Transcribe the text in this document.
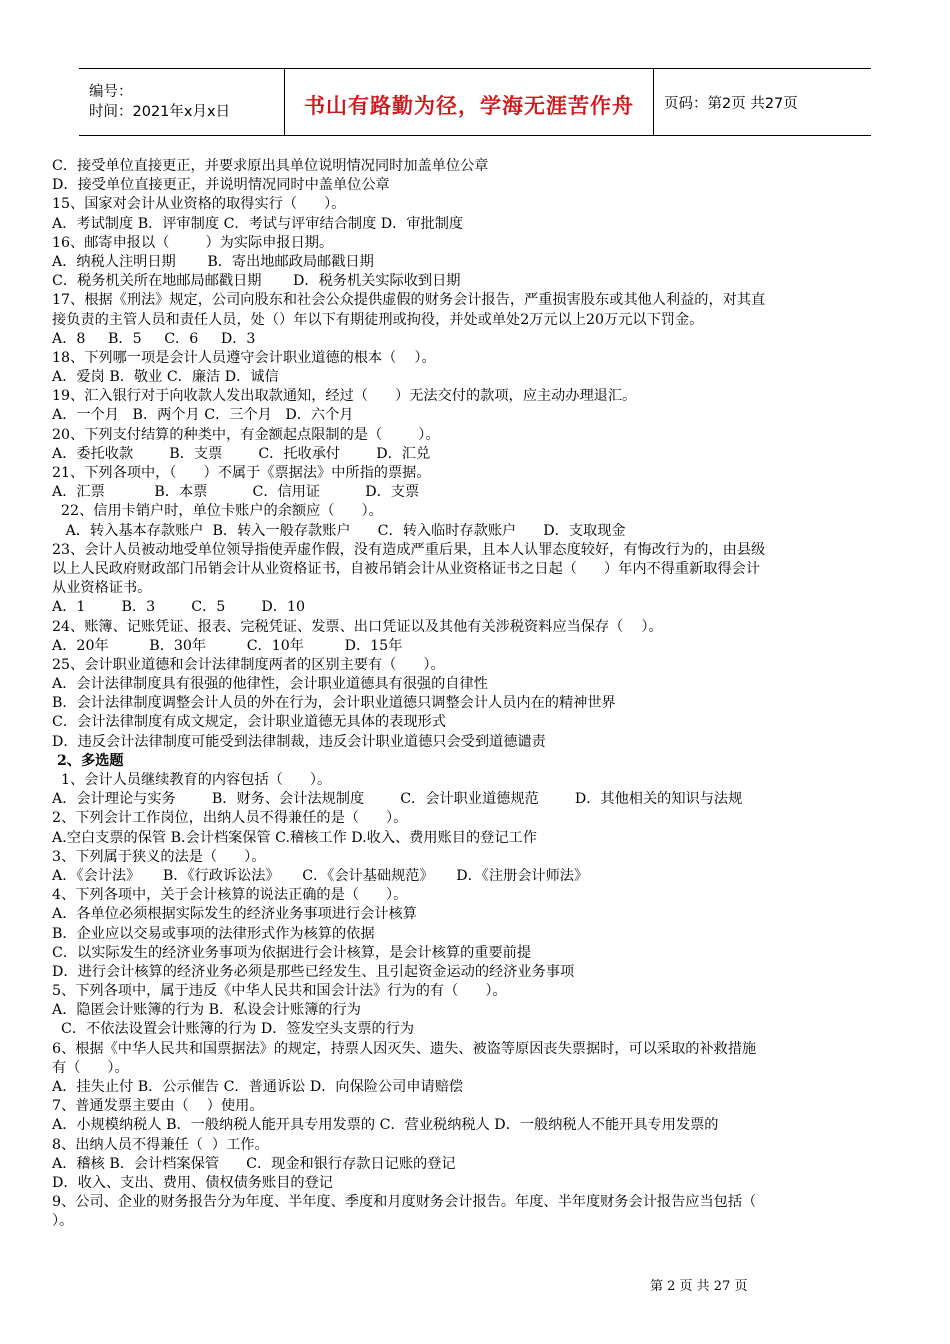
编号：
时间：2021年x月x日	书山有路勤为径，学海无涯苦作舟 页码：第2页 共27页
C．接受单位直接更正，并要求原出具单位说明情况同时加盖单位公章
D．接受单位直接更正，并说明情况同时中盖单位公章
15、国家对会计从业资格的取得实行（      ）。
A．考试制度 B．评审制度 C．考试与评审结合制度 D．审批制度
16、邮寄申报以（        ）为实际申报日期。
A．纳税人注明日期       B．寄出地邮政局邮戳日期
C．税务机关所在地邮局邮戳日期       D．税务机关实际收到日期
17、根据《刑法》规定，公司向股东和社会公众提供虚假的财务会计报告，严重损害股东或其他人利益的，对其直
接负责的主管人员和责任人员，处（）年以下有期徒刑或拘役，并处或单处2万元以上20万元以下罚金。
A．8     B．5     C．6     D．3
18、下列哪一项是会计人员遵守会计职业道德的根本（    ）。
A．爱岗 B．敬业 C．廉洁 D．诚信
19、汇入银行对于向收款人发出取款通知，经过（      ）无法交付的款项，应主动办理退汇。
A．一个月   B．两个月 C．三个月   D．六个月
20、下列支付结算的种类中，有金额起点限制的是（        ）。
A．委托收款        B．支票        C．托收承付        D．汇兑
21、下列各项中，（      ）不属于《票据法》中所指的票据。
A．汇票           B．本票          C．信用证          D．支票
22、信用卡销户时，单位卡账户的余额应（      ）。
A．转入基本存款账户  B．转入一般存款账户      C．转入临时存款账户      D．支取现金
23、会计人员被动地受单位领导指使弄虚作假，没有造成严重后果，且本人认罪态度较好，有悔改行为的，由县级
以上人民政府财政部门吊销会计从业资格证书，自被吊销会计从业资格证书之日起（      ）年内不得重新取得会计
从业资格证书。
A．1        B．3        C．5        D．10
24、账簿、记账凭证、报表、完税凭证、发票、出口凭证以及其他有关涉税资料应当保存（    ）。
A．20年         B．30年         C．10年         D．15年
25、会计职业道德和会计法律制度两者的区别主要有（      ）。
A．会计法律制度具有很强的他律性，会计职业道德具有很强的自律性
B．会计法律制度调整会计人员的外在行为，会计职业道德只调整会计人员内在的精神世界
C．会计法律制度有成文规定，会计职业道德无具体的表现形式
D．违反会计法律制度可能受到法律制裁，违反会计职业道德只会受到道德谴责
2、多选题
1、会计人员继续教育的内容包括（      ）。
A．会计理论与实务        B．财务、会计法规制度        C．会计职业道德规范        D．其他相关的知识与法规
2、下列会计工作岗位，出纳人员不得兼任的是（      ）。
A.空白支票的保管 B.会计档案保管 C.稽核工作 D.收入、费用账目的登记工作
3、下列属于狭义的法是（      ）。
A．《会计法》     B．《行政诉讼法》     C．《会计基础规范》     D．《注册会计师法》
4、下列各项中，关于会计核算的说法正确的是（      ）。
A．各单位必须根据实际发生的经济业务事项进行会计核算
B．企业应以交易或事项的法律形式作为核算的依据
C．以实际发生的经济业务事项为依据进行会计核算，是会计核算的重要前提
D．进行会计核算的经济业务必须是那些已经发生、且引起资金运动的经济业务事项
5、下列各项中，属于违反《中华人民共和国会计法》行为的有（      ）。
A．隐匿会计账簿的行为 B．私设会计账簿的行为
C．不依法设置会计账簿的行为 D．签发空头支票的行为
6、根据《中华人民共和国票据法》的规定，持票人因灭失、遗失、被盗等原因丧失票据时，可以采取的补救措施
有（      ）。
A．挂失止付 B．公示催告 C．普通诉讼 D．向保险公司申请赔偿
7、普通发票主要由（    ）使用。
A．小规模纳税人 B．一般纳税人能开具专用发票的 C．营业税纳税人 D．一般纳税人不能开具专用发票的
8、出纳人员不得兼任（  ）工作。
A．稽核 B．会计档案保管      C．现金和银行存款日记账的登记
D．收入、支出、费用、债权债务账目的登记
9、公司、企业的财务报告分为年度、半年度、季度和月度财务会计报告。年度、半年度财务会计报告应当包括（
）。
第 2 页 共 27 页
